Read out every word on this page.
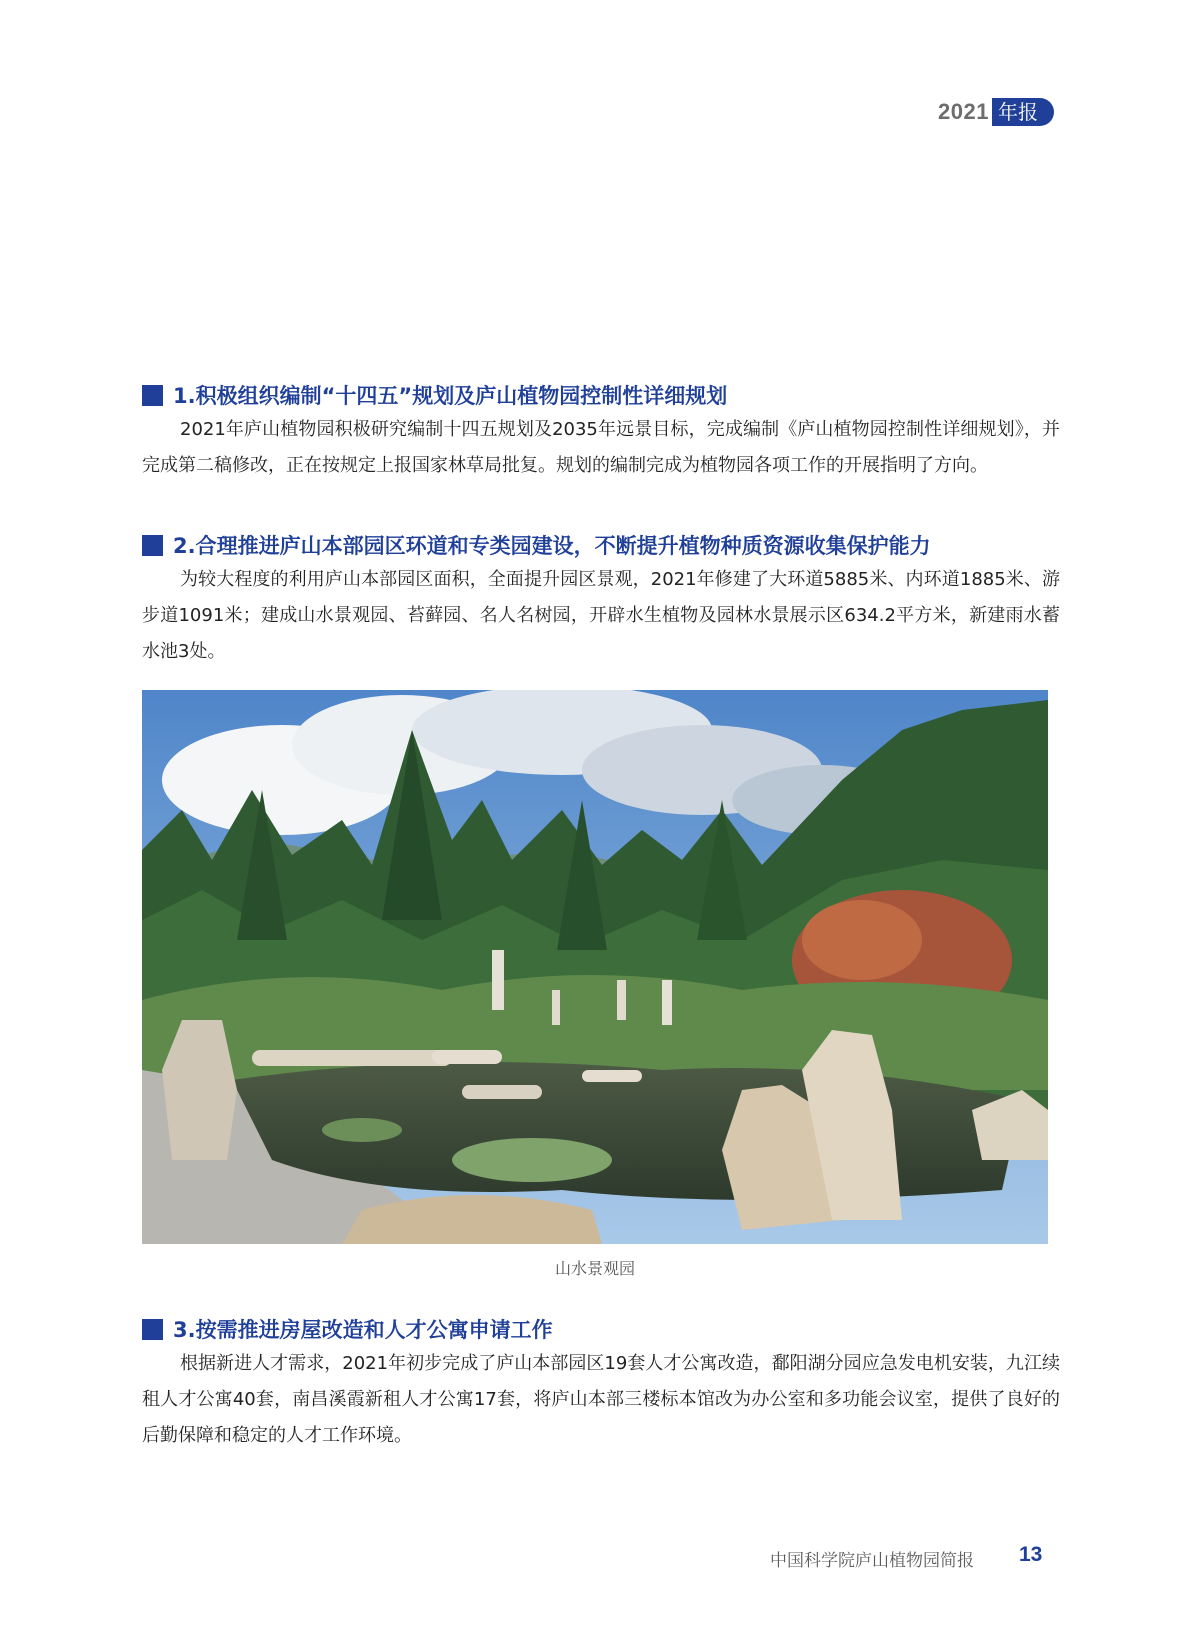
2021 年报
1.积极组织编制“十四五”规划及庐山植物园控制性详细规划

2021年庐山植物园积极研究编制十四五规划及2035年远景目标，完成编制《庐山植物园控制性详细规划》，并完成第二稿修改，正在按规定上报国家林草局批复。规划的编制完成为植物园各项工作的开展指明了方向。

2.合理推进庐山本部园区环道和专类园建设，不断提升植物种质资源收集保护能力

为较大程度的利用庐山本部园区面积，全面提升园区景观，2021年修建了大环道5885米、内环道1885米、游步道1091米；建成山水景观园、苔藓园、名人名树园，开辟水生植物及园林水景展示区634.2平方米，新建雨水蓄水池3处。

山水景观园
3.按需推进房屋改造和人才公寓申请工作

根据新进人才需求，2021年初步完成了庐山本部园区19套人才公寓改造，鄱阳湖分园应急发电机安装，九江续租人才公寓40套，南昌溪霞新租人才公寓17套，将庐山本部三楼标本馆改为办公室和多功能会议室，提供了良好的后勤保障和稳定的人才工作环境。

中国科学院庐山植物园简报 13
